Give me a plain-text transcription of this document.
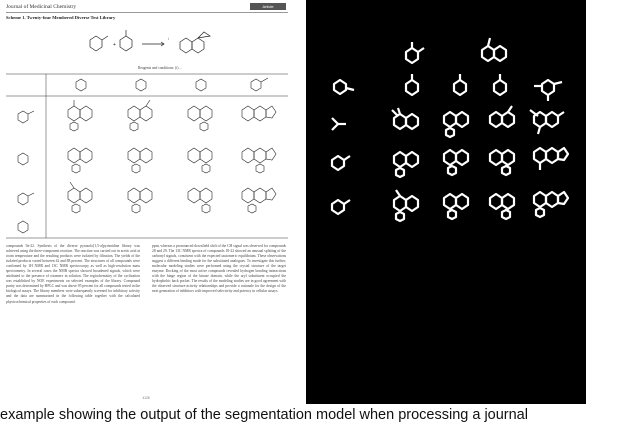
Journal of Medicinal Chemistry	Article
Scheme 1. Twenty-four Membered Diverse Test Library
+
i
Reagents and conditions: (i) ...
compounds 9a-22. Synthesis of the diverse pyrazolo[1,5-a]pyrimidine library was achieved using the three-component reaction. The reaction was carried out in acetic acid at room temperature and the resulting products were isolated by filtration. The yields of the isolated products varied between 42 and 88 percent. The structures of all compounds were confirmed by 1H NMR and 13C NMR spectroscopy as well as high-resolution mass spectrometry. In several cases the NMR spectra showed broadened signals, which were attributed to the presence of rotamers in solution. The regiochemistry of the cyclization was established by NOE experiments on selected examples of the library. Compound purity was determined by HPLC and was above 95 percent for all compounds tested in the biological assays. The library members were subsequently screened for inhibitory activity and the data are summarized in the following table together with the calculated physicochemical properties of each compound.
ppm, whereas a pronounced downfield shift of the CH signal was observed for compounds 28 and 29. The 13C NMR spectra of compounds 18-22 showed an unusual splitting of the carbonyl signals, consistent with the expected tautomeric equilibrium. These observations suggest a different binding mode for the substituted analogues. To investigate this further, molecular modeling studies were performed using the crystal structure of the target enzyme. Docking of the most active compounds revealed hydrogen bonding interactions with the hinge region of the kinase domain, while the aryl substituent occupied the hydrophobic back pocket. The results of the modeling studies are in good agreement with the observed structure-activity relationships and provide a rationale for the design of the next generation of inhibitors with improved selectivity and potency in cellular assays.
4128
example showing the output of the segmentation model when processing a journal
